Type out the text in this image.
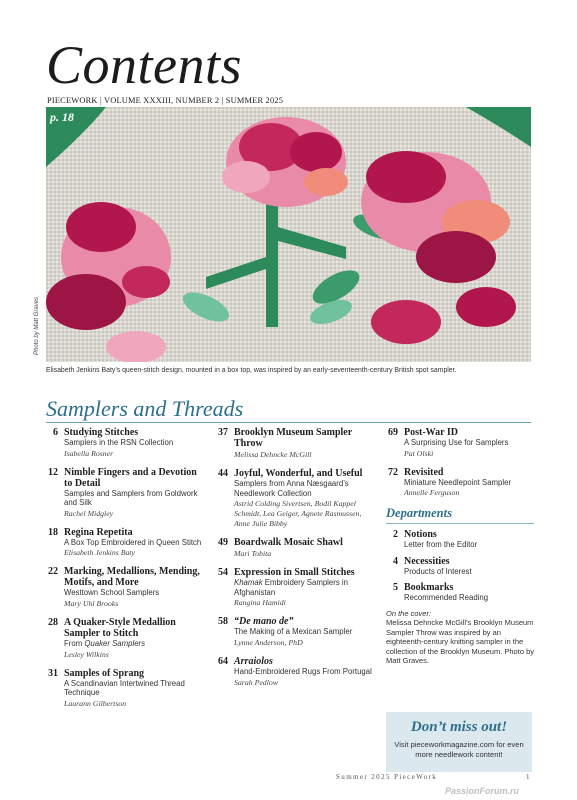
Contents
PIECEWORK | VOLUME XXXIII, NUMBER 2 | SUMMER 2025
p. 18
Photo by Matt Graves
Elisabeth Jenkins Baty’s queen-stitch design, mounted in a box top, was inspired by an early-seventeenth-century British spot sampler.
Samplers and Threads
6 Studying Stitches
Samplers in the RSN Collection
Isabella Rosner
12 Nimble Fingers and a Devotion to Detail
Samples and Samplers from Goldwork and Silk
Rachel Midgley
18 Regina Repetita
A Box Top Embroidered in Queen Stitch
Elisabeth Jenkins Baty
22 Marking, Medallions, Mending, Motifs, and More
Westtown School Samplers
Mary Uhl Brooks
28 A Quaker-Style Medallion Sampler to Stitch
From Quaker Samplers
Lesley Wilkins
31 Samples of Sprang
A Scandinavian Intertwined Thread Technique
Laurann Gilbertson
37 Brooklyn Museum Sampler Throw
Melissa Dehncke McGill
44 Joyful, Wonderful, and Useful
Samplers from Anna Næsgaard’s Needlework Collection
Astrid Colding Sivertsen, Bodil Kappel Schmidt, Lea Geiger, Agnete Rasmussen, Anne Julie Bibby
49 Boardwalk Mosaic Shawl
Mari Tobita
54 Expression in Small Stitches
Khamak Embroidery Samplers in Afghanistan
Rangina Hamidi
58 “De mano de”
The Making of a Mexican Sampler
Lynne Anderson, PhD
64 Arraiolos
Hand-Embroidered Rugs From Portugal
Sarah Pedlow
69 Post-War ID
A Surprising Use for Samplers
Pat Olski
72 Revisited
Miniature Needlepoint Sampler
Annelle Ferguson
Departments
2 Notions
Letter from the Editor
4 Necessities
Products of Interest
5 Bookmarks
Recommended Reading
On the cover:
Melissa Dehncke McGill’s Brooklyn Museum Sampler Throw was inspired by an eighteenth-century knitting sampler in the collection of the Brooklyn Museum. Photo by Matt Graves.
Don’t miss out!
Visit pieceworkmagazine.com for even more needlework content!
Summer 2025 PieceWork	1
PassionForum.ru
